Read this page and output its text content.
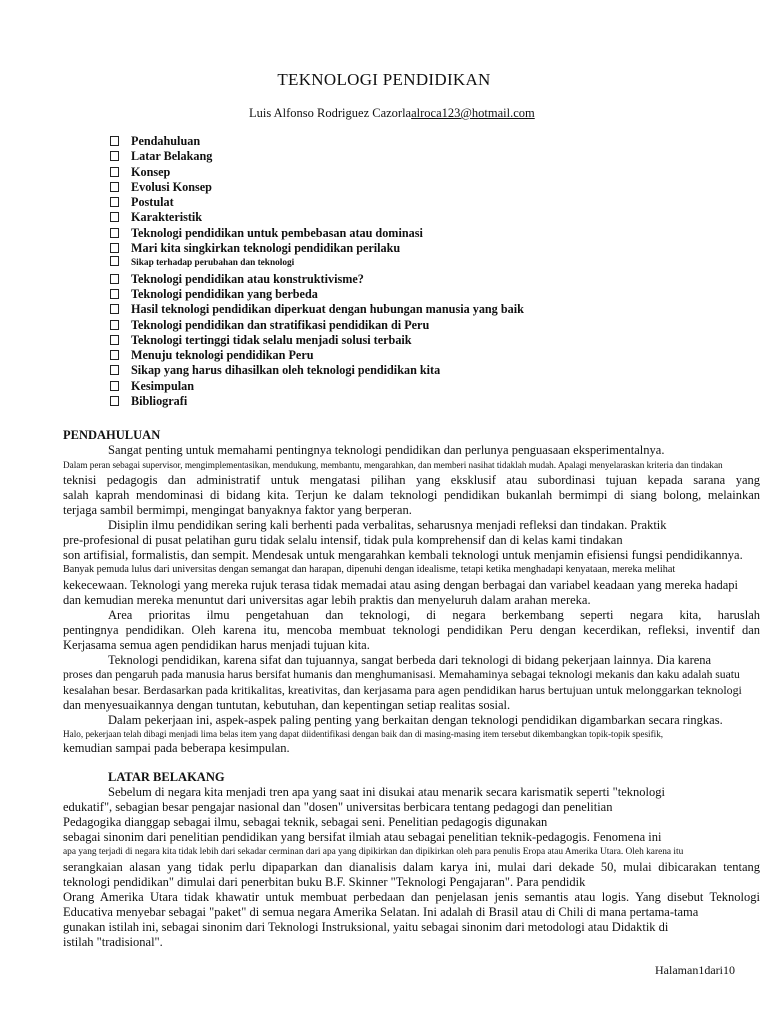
TEKNOLOGI PENDIDIKAN
Luis Alfonso Rodriguez Cazorlaalroca123@hotmail.com
Pendahuluan
Latar Belakang
Konsep
Evolusi Konsep
Postulat
Karakteristik
Teknologi pendidikan untuk pembebasan atau dominasi
Mari kita singkirkan teknologi pendidikan perilaku
Sikap terhadap perubahan dan teknologi
Teknologi pendidikan atau konstruktivisme?
Teknologi pendidikan yang berbeda
Hasil teknologi pendidikan diperkuat dengan hubungan manusia yang baik
Teknologi pendidikan dan stratifikasi pendidikan di Peru
Teknologi tertinggi tidak selalu menjadi solusi terbaik
Menuju teknologi pendidikan Peru
Sikap yang harus dihasilkan oleh teknologi pendidikan kita
Kesimpulan
Bibliografi
PENDAHULUAN
Sangat penting untuk memahami pentingnya teknologi pendidikan dan perlunya penguasaan eksperimentalnya.
Dalam peran sebagai supervisor, mengimplementasikan, mendukung, membantu, mengarahkan, dan memberi nasihat tidaklah mudah. Apalagi menyelaraskan kriteria dan tindakan
teknisi pedagogis dan administratif untuk mengatasi pilihan yang eksklusif atau subordinasi tujuan kepada sarana yang
salah kaprah mendominasi di bidang kita. Terjun ke dalam teknologi pendidikan bukanlah bermimpi di siang bolong, melainkan
terjaga sambil bermimpi, mengingat banyaknya faktor yang berperan.
Disiplin ilmu pendidikan sering kali berhenti pada verbalitas, seharusnya menjadi refleksi dan tindakan. Praktik
pre-profesional di pusat pelatihan guru tidak selalu intensif, tidak pula komprehensif dan di kelas kami tindakan
son artifisial, formalistis, dan sempit. Mendesak untuk mengarahkan kembali teknologi untuk menjamin efisiensi fungsi pendidikannya.
Banyak pemuda lulus dari universitas dengan semangat dan harapan, dipenuhi dengan idealisme, tetapi ketika menghadapi kenyataan, mereka melihat
kekecewaan. Teknologi yang mereka rujuk terasa tidak memadai atau asing dengan berbagai dan variabel keadaan yang mereka hadapi
dan kemudian mereka menuntut dari universitas agar lebih praktis dan menyeluruh dalam arahan mereka.
Area prioritas ilmu pengetahuan dan teknologi, di negara berkembang seperti negara kita, haruslah
pentingnya pendidikan. Oleh karena itu, mencoba membuat teknologi pendidikan Peru dengan kecerdikan, refleksi, inventif dan
Kerjasama semua agen pendidikan harus menjadi tujuan kita.
Teknologi pendidikan, karena sifat dan tujuannya, sangat berbeda dari teknologi di bidang pekerjaan lainnya. Dia karena
proses dan pengaruh pada manusia harus bersifat humanis dan menghumanisasi. Memahaminya sebagai teknologi mekanis dan kaku adalah suatu
kesalahan besar. Berdasarkan pada kritikalitas, kreativitas, dan kerjasama para agen pendidikan harus bertujuan untuk melonggarkan teknologi
dan menyesuaikannya dengan tuntutan, kebutuhan, dan kepentingan setiap realitas sosial.
Dalam pekerjaan ini, aspek-aspek paling penting yang berkaitan dengan teknologi pendidikan digambarkan secara ringkas.
Halo, pekerjaan telah dibagi menjadi lima belas item yang dapat diidentifikasi dengan baik dan di masing-masing item tersebut dikembangkan topik-topik spesifik,
kemudian sampai pada beberapa kesimpulan.
LATAR BELAKANG
Sebelum di negara kita menjadi tren apa yang saat ini disukai atau menarik secara karismatik seperti "teknologi
edukatif", sebagian besar pengajar nasional dan "dosen" universitas berbicara tentang pedagogi dan penelitian
Pedagogika dianggap sebagai ilmu, sebagai teknik, sebagai seni. Penelitian pedagogis digunakan
sebagai sinonim dari penelitian pendidikan yang bersifat ilmiah atau sebagai penelitian teknik-pedagogis. Fenomena ini
apa yang terjadi di negara kita tidak lebih dari sekadar cerminan dari apa yang dipikirkan dan dipikirkan oleh para penulis Eropa atau Amerika Utara. Oleh karena itu
serangkaian alasan yang tidak perlu dipaparkan dan dianalisis dalam karya ini, mulai dari dekade 50, mulai dibicarakan tentang
teknologi pendidikan" dimulai dari penerbitan buku B.F. Skinner "Teknologi Pengajaran". Para pendidik
Orang Amerika Utara tidak khawatir untuk membuat perbedaan dan penjelasan jenis semantis atau logis. Yang disebut Teknologi
Educativa menyebar sebagai "paket" di semua negara Amerika Selatan. Ini adalah di Brasil atau di Chili di mana pertama-tama
gunakan istilah ini, sebagai sinonim dari Teknologi Instruksional, yaitu sebagai sinonim dari metodologi atau Didaktik di
istilah "tradisional".
Halaman1dari10
